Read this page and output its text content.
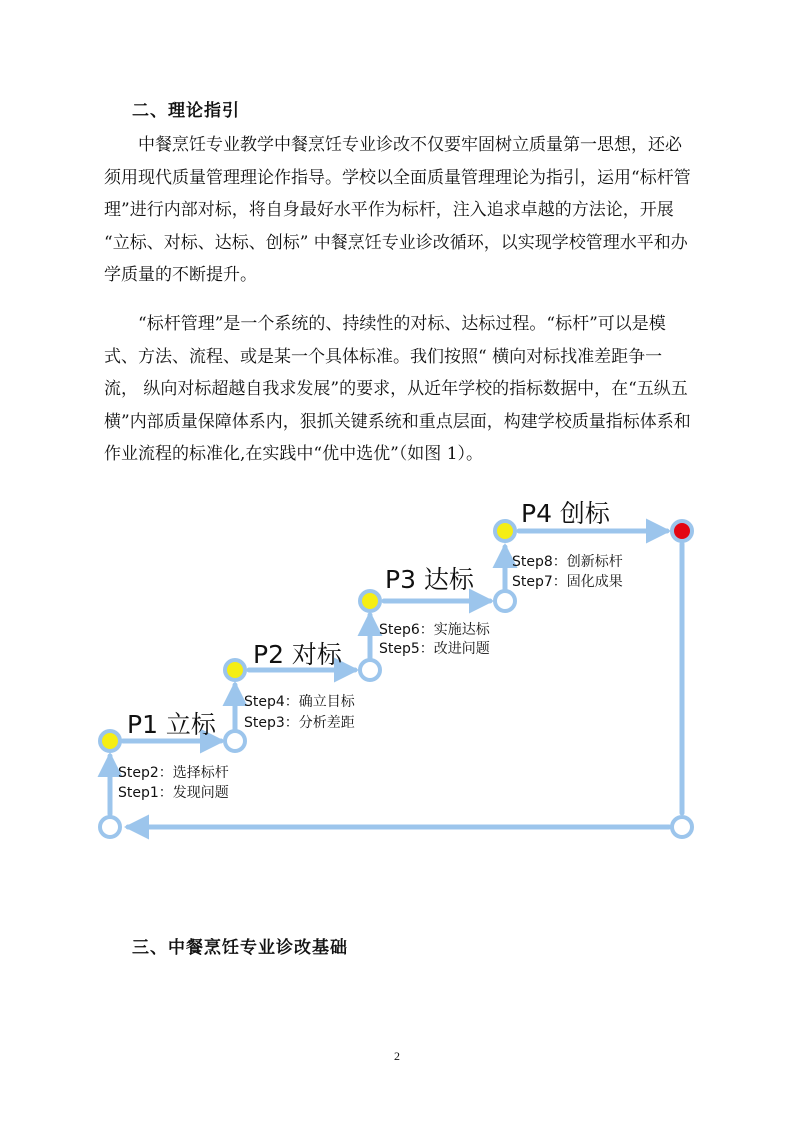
二、理论指引

中餐烹饪专业教学中餐烹饪专业诊改不仅要牢固树立质量第一思想，还必须用现代质量管理理论作指导。学校以全面质量管理理论为指引，运用“标杆管理”进行内部对标，将自身最好水平作为标杆，注入追求卓越的方法论，开展 “立标、对标、达标、创标” 中餐烹饪专业诊改循环，以实现学校管理水平和办学质量的不断提升。

“标杆管理”是一个系统的、持续性的对标、达标过程。“标杆”可以是模式、方法、流程、或是某一个具体标准。我们按照“ 横向对标找准差距争一流， 纵向对标超越自我求发展”的要求，从近年学校的指标数据中，在“五纵五横”内部质量保障体系内，狠抓关键系统和重点层面，构建学校质量指标体系和作业流程的标准化,在实践中“优中选优”（如图 1）。

P1 立标
P2 对标
P3 达标
P4 创标
Step2：选择标杆
Step1：发现问题
Step4：确立目标
Step3：分析差距
Step6：实施达标
Step5：改进问题
Step8：创新标杆
Step7：固化成果
三、中餐烹饪专业诊改基础
2
